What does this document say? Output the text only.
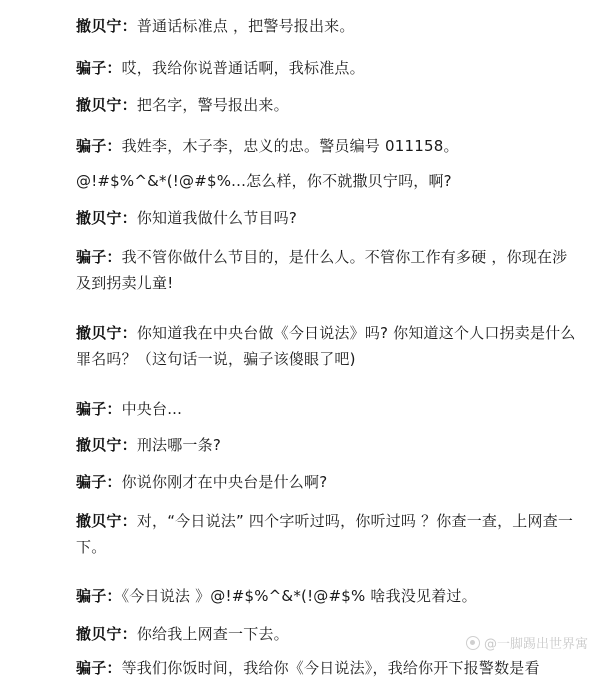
撤贝宁：普通话标准点 ，把警号报出来。
骗子：哎，我给你说普通话啊，我标准点。
撤贝宁：把名字，警号报出来。
骗子：我姓李，木子李，忠义的忠。警员编号 011158。
@!#$%^&*(!@#$%...怎么样，你不就撒贝宁吗，啊?
撤贝宁：你知道我做什么节目吗?
骗子：我不管你做什么节目的，是什么人。不管你工作有多硬 ，你现在涉及到拐卖儿童!
撤贝宁：你知道我在中央台做《今日说法》吗? 你知道这个人口拐卖是什么罪名吗？（这句话一说，骗子该傻眼了吧)
骗子：中央台...
撤贝宁：刑法哪一条?
骗子：你说你刚才在中央台是什么啊?
撤贝宁：对，“今日说法” 四个字听过吗，你听过吗 ？你查一查，上网查一下。
骗子：《今日说法 》@!#$%^&*(!@#$% 啥我没见着过。
撤贝宁：你给我上网查一下去。
骗子：等我们你饭时间，我给你《今日说法》，我给你开下报警数是看
@一脚踢出世界寓
